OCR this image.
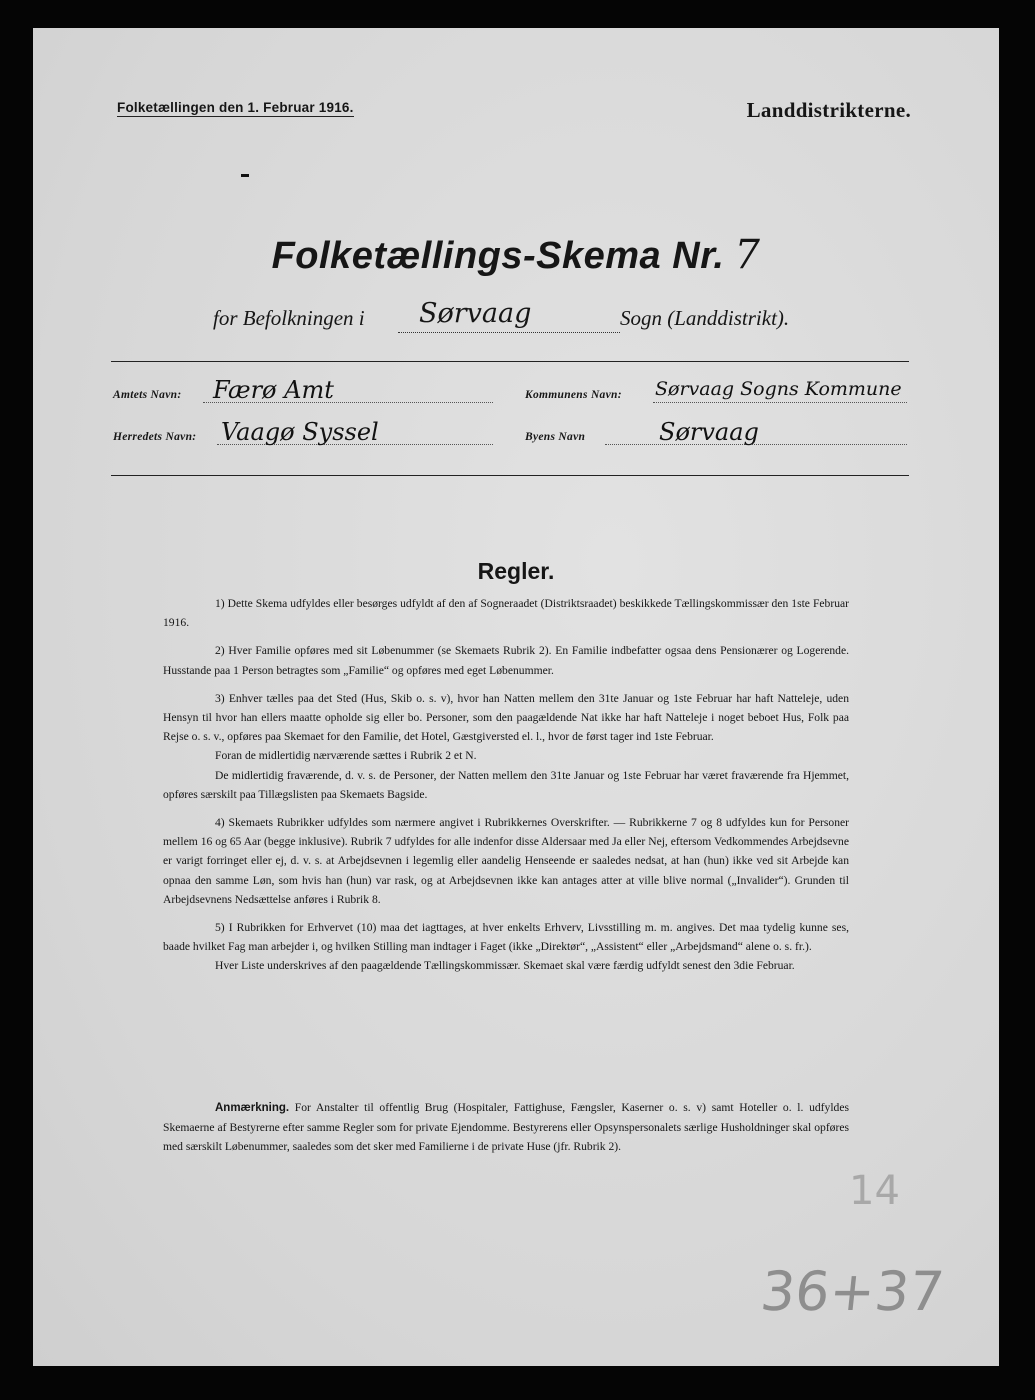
Folketællingen den 1. Februar 1916.	Landdistrikterne.
Folketællings-Skema Nr. 7
for Befolkningen i Sørvaag	Sogn (Landdistrikt).
Amtets Navn: Færø Amt	Kommunens Navn: Sørvaag Sogns Kommune
Herredets Navn: Vaagø Syssel	Byens Navn	Sørvaag
Regler.

1) Dette Skema udfyldes eller besørges udfyldt af den af Sogneraadet (Distriktsraadet) beskikkede Tællingskommissær den 1ste Februar 1916.

2) Hver Familie opføres med sit Løbenummer (se Skemaets Rubrik 2). En Familie indbefatter ogsaa dens Pensionærer og Logerende. Husstande paa 1 Person betragtes som „Familie“ og opføres med eget Løbenummer.

3) Enhver tælles paa det Sted (Hus, Skib o. s. v), hvor han Natten mellem den 31te Januar og 1ste Februar har haft Natteleje, uden Hensyn til hvor han ellers maatte opholde sig eller bo. Personer, som den paagældende Nat ikke har haft Natteleje i noget beboet Hus, Folk paa Rejse o. s. v., opføres paa Skemaet for den Familie, det Hotel, Gæstgiversted el. l., hvor de først tager ind 1ste Februar.

Foran de midlertidig nærværende sættes i Rubrik 2 et N.

De midlertidig fraværende, d. v. s. de Personer, der Natten mellem den 31te Januar og 1ste Februar har været fraværende fra Hjemmet, opføres særskilt paa Tillægslisten paa Skemaets Bagside.

4) Skemaets Rubrikker udfyldes som nærmere angivet i Rubrikkernes Overskrifter. — Rubrikkerne 7 og 8 udfyldes kun for Personer mellem 16 og 65 Aar (begge inklusive). Rubrik 7 udfyldes for alle indenfor disse Aldersaar med Ja eller Nej, eftersom Vedkommendes Arbejdsevne er varigt forringet eller ej, d. v. s. at Arbejdsevnen i legemlig eller aandelig Henseende er saaledes nedsat, at han (hun) ikke ved sit Arbejde kan opnaa den samme Løn, som hvis han (hun) var rask, og at Arbejdsevnen ikke kan antages atter at ville blive normal („Invalider“). Grunden til Arbejdsevnens Nedsættelse anføres i Rubrik 8.

5) I Rubrikken for Erhvervet (10) maa det iagttages, at hver enkelts Erhverv, Livsstilling m. m. angives. Det maa tydelig kunne ses, baade hvilket Fag man arbejder i, og hvilken Stilling man indtager i Faget (ikke „Direktør“, „Assistent“ eller „Arbejdsmand“ alene o. s. fr.).

Hver Liste underskrives af den paagældende Tællingskommissær. Skemaet skal være færdig udfyldt senest den 3die Februar.

Anmærkning. For Anstalter til offentlig Brug (Hospitaler, Fattighuse, Fængsler, Kaserner o. s. v) samt Hoteller o. l. udfyldes Skemaerne af Bestyrerne efter samme Regler som for private Ejendomme. Bestyrerens eller Opsynspersonalets særlige Husholdninger skal opføres med særskilt Løbenummer, saaledes som det sker med Familierne i de private Huse (jfr. Rubrik 2).
14
36+37
